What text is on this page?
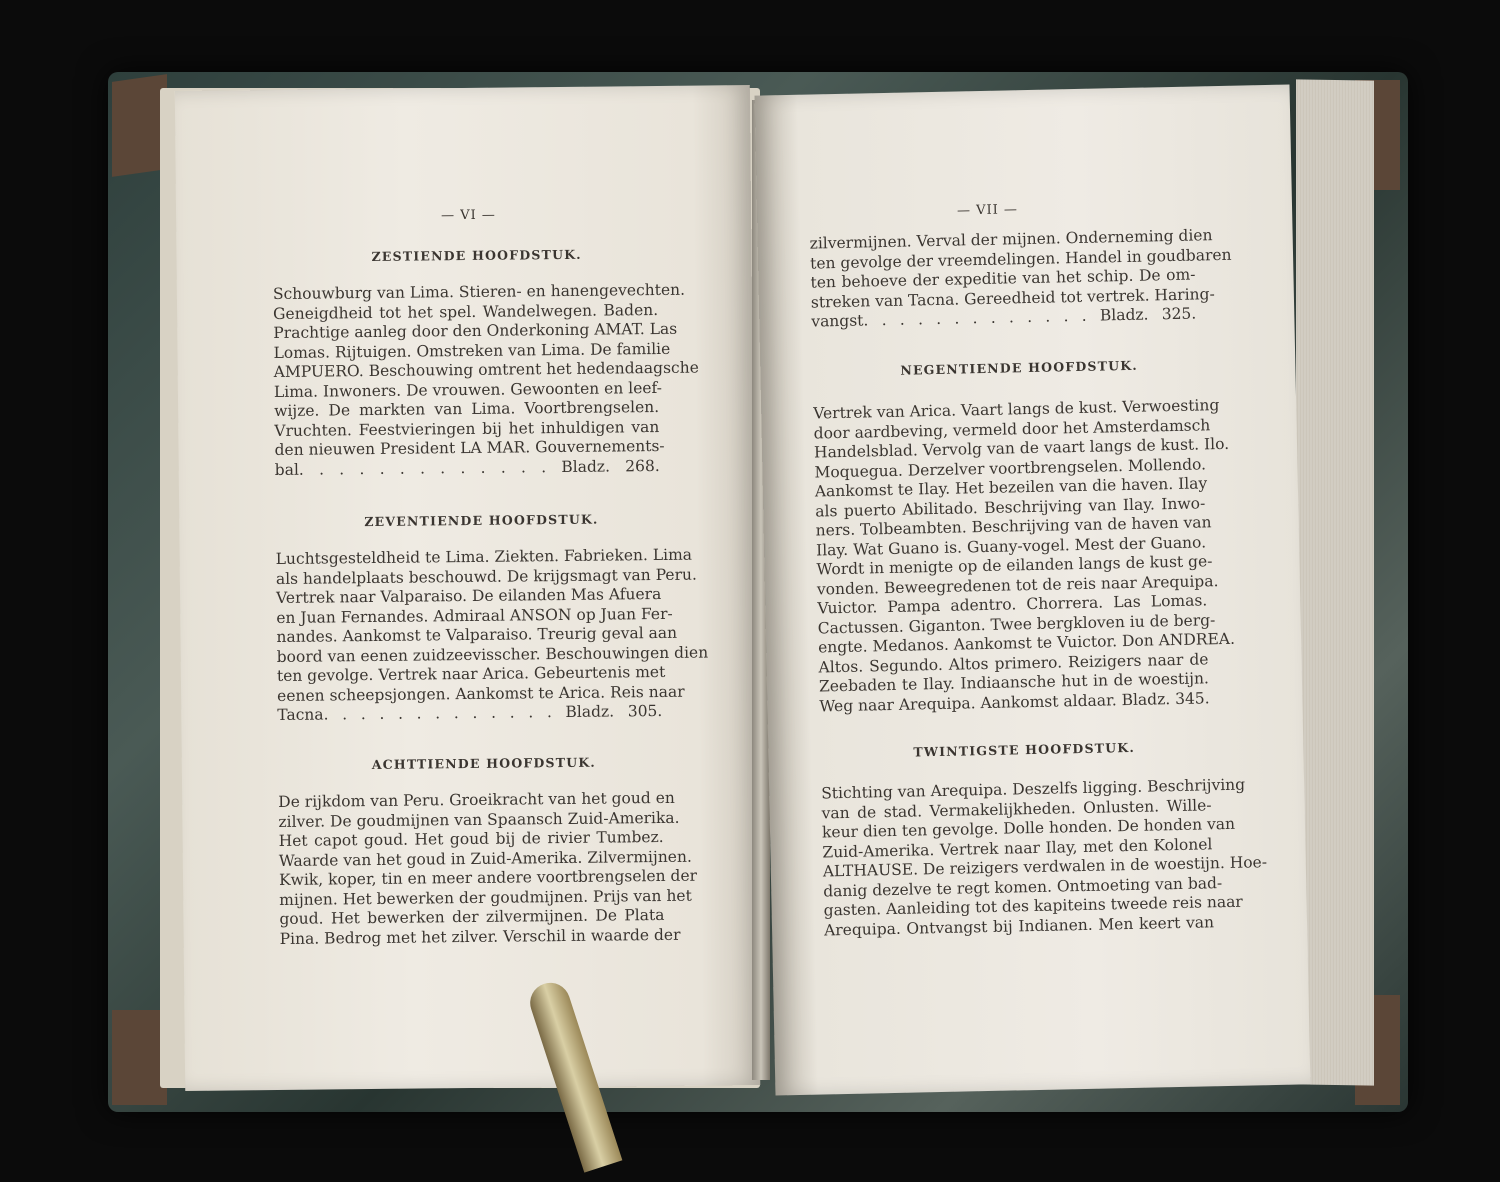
— VI —
ZESTIENDE HOOFDSTUK.
Schouwburg van Lima. Stieren- en hanengevechten.
Geneigdheid tot het spel. Wandelwegen. Baden.
Prachtige aanleg door den Onderkoning AMAT. Las
Lomas. Rijtuigen. Omstreken van Lima. De familie
AMPUERO. Beschouwing omtrent het hedendaagsche
Lima. Inwoners. De vrouwen. Gewoonten en leef-
wijze. De markten van Lima. Voortbrengselen.
Vruchten. Feestvieringen bij het inhuldigen van
den nieuwen President LA MAR. Gouvernements-
bal. . . . . . . . . . . . . Bladz. 268.
ZEVENTIENDE HOOFDSTUK.
Luchtsgesteldheid te Lima. Ziekten. Fabrieken. Lima
als handelplaats beschouwd. De krijgsmagt van Peru.
Vertrek naar Valparaiso. De eilanden Mas Afuera
en Juan Fernandes. Admiraal ANSON op Juan Fer-
nandes. Aankomst te Valparaiso. Treurig geval aan
boord van eenen zuidzeevisscher. Beschouwingen dien
ten gevolge. Vertrek naar Arica. Gebeurtenis met
eenen scheepsjongen. Aankomst te Arica. Reis naar
Tacna. . . . . . . . . . . . . Bladz. 305.
ACHTTIENDE HOOFDSTUK.
De rijkdom van Peru. Groeikracht van het goud en
zilver. De goudmijnen van Spaansch Zuid-Amerika.
Het capot goud. Het goud bij de rivier Tumbez.
Waarde van het goud in Zuid-Amerika. Zilvermijnen.
Kwik, koper, tin en meer andere voortbrengselen der
mijnen. Het bewerken der goudmijnen. Prijs van het
goud. Het bewerken der zilvermijnen. De Plata
Pina. Bedrog met het zilver. Verschil in waarde der
— VII —
zilvermijnen. Verval der mijnen. Onderneming dien
ten gevolge der vreemdelingen. Handel in goudbaren
ten behoeve der expeditie van het schip. De om-
streken van Tacna. Gereedheid tot vertrek. Haring-
vangst. . . . . . . . . . . . . Bladz. 325.
NEGENTIENDE HOOFDSTUK.
Vertrek van Arica. Vaart langs de kust. Verwoesting
door aardbeving, vermeld door het Amsterdamsch
Handelsblad. Vervolg van de vaart langs de kust. Ilo.
Moquegua. Derzelver voortbrengselen. Mollendo.
Aankomst te Ilay. Het bezeilen van die haven. Ilay
als puerto Abilitado. Beschrijving van Ilay. Inwo-
ners. Tolbeambten. Beschrijving van de haven van
Ilay. Wat Guano is. Guany-vogel. Mest der Guano.
Wordt in menigte op de eilanden langs de kust ge-
vonden. Beweegredenen tot de reis naar Arequipa.
Vuictor. Pampa adentro. Chorrera. Las Lomas.
Cactussen. Giganton. Twee bergkloven iu de berg-
engte. Medanos. Aankomst te Vuictor. Don ANDREA.
Altos. Segundo. Altos primero. Reizigers naar de
Zeebaden te Ilay. Indiaansche hut in de woestijn.
Weg naar Arequipa. Aankomst aldaar. Bladz. 345.
TWINTIGSTE HOOFDSTUK.
Stichting van Arequipa. Deszelfs ligging. Beschrijving
van de stad. Vermakelijkheden. Onlusten. Wille-
keur dien ten gevolge. Dolle honden. De honden van
Zuid-Amerika. Vertrek naar Ilay, met den Kolonel
ALTHAUSE. De reizigers verdwalen in de woestijn. Hoe-
danig dezelve te regt komen. Ontmoeting van bad-
gasten. Aanleiding tot des kapiteins tweede reis naar
Arequipa. Ontvangst bij Indianen. Men keert van
